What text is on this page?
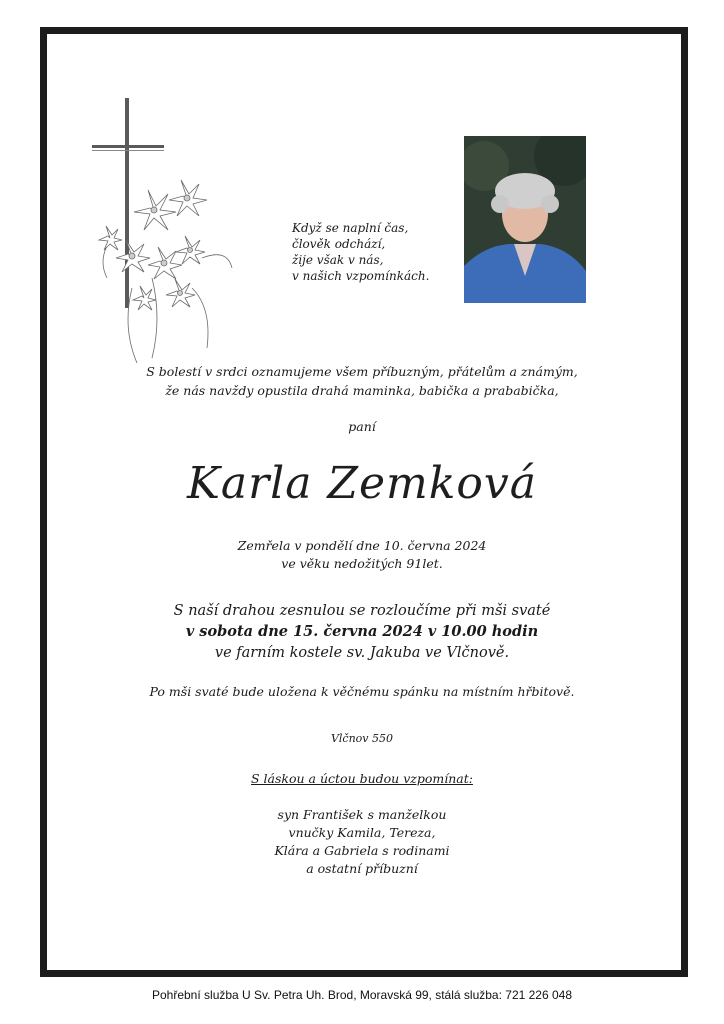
Když se naplní čas,
člověk odchází,
žije však v nás,
v našich vzpomínkách.
S bolestí v srdci oznamujeme všem příbuzným, přátelům a známým,
že nás navždy opustila drahá maminka, babička a prababička,
paní
Karla Zemková
Zemřela v pondělí dne 10. června 2024
ve věku nedožitých 91let.
S naší drahou zesnulou se rozloučíme při mši svaté
v sobota dne 15. června 2024 v 10.00 hodin
ve farním kostele sv. Jakuba ve Vlčnově.
Po mši svaté bude uložena k věčnému spánku na místním hřbitově.
Vlčnov 550
S láskou a úctou budou vzpomínat:
syn František s manželkou
vnučky Kamila, Tereza,
Klára a Gabriela s rodinami
a ostatní příbuzní
Pohřební služba U Sv. Petra Uh. Brod, Moravská 99, stálá služba: 721 226 048
